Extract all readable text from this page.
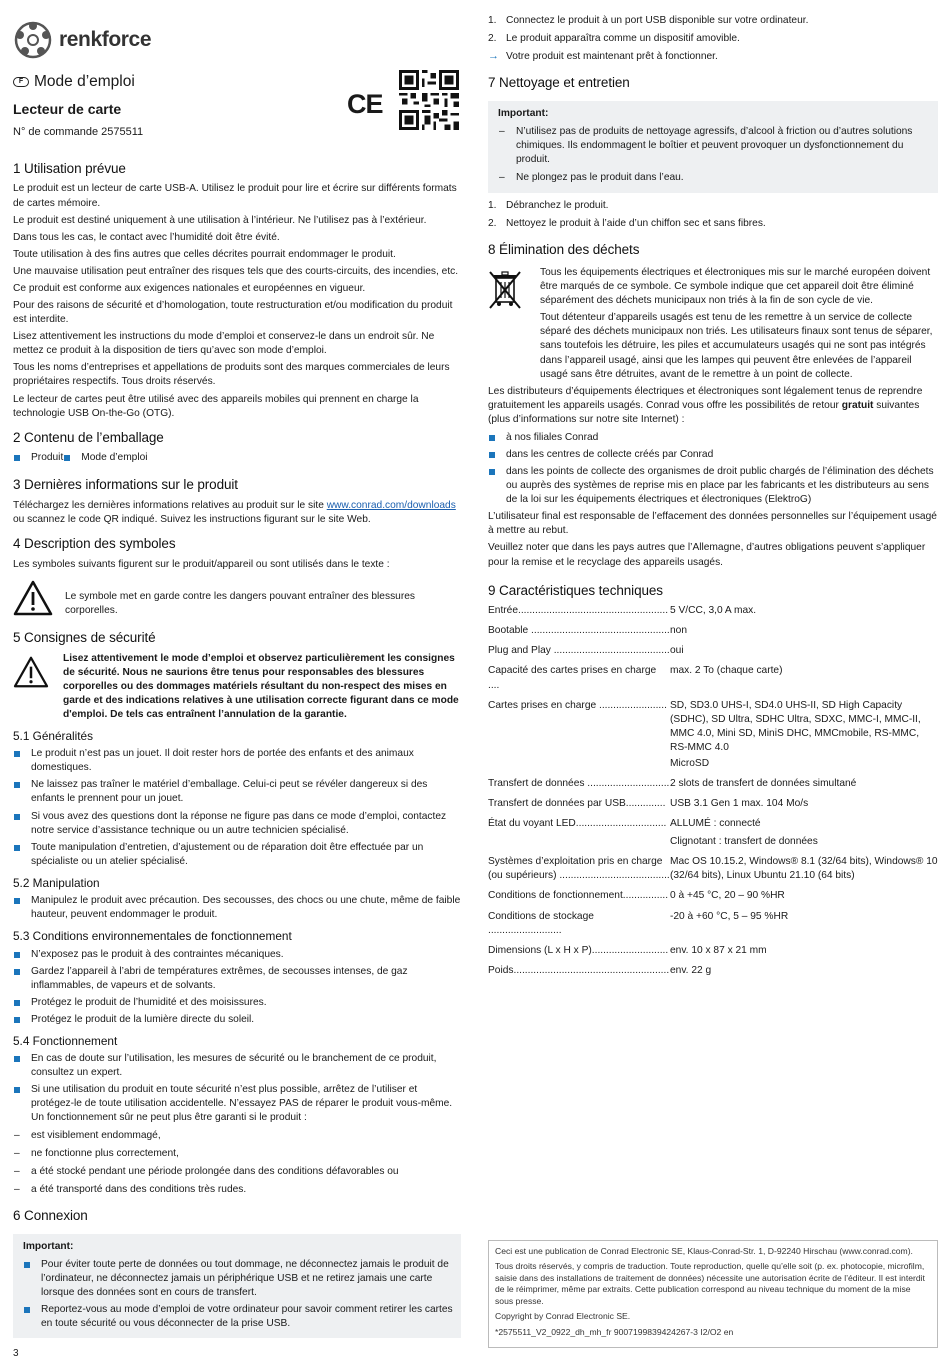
renkforce
F Mode d’emploi
Lecteur de carte
N° de commande 2575511
CE
1 Utilisation prévue

Le produit est un lecteur de carte USB-A. Utilisez le produit pour lire et écrire sur différents formats de cartes mémoire.

Le produit est destiné uniquement à une utilisation à l’intérieur. Ne l’utilisez pas à l’extérieur.

Dans tous les cas, le contact avec l’humidité doit être évité.

Toute utilisation à des fins autres que celles décrites pourrait endommager le produit.

Une mauvaise utilisation peut entraîner des risques tels que des courts-circuits, des incendies, etc.

Ce produit est conforme aux exigences nationales et européennes en vigueur.

Pour des raisons de sécurité et d’homologation, toute restructuration et/ou modification du produit est interdite.

Lisez attentivement les instructions du mode d’emploi et conservez-le dans un endroit sûr. Ne mettez ce produit à la disposition de tiers qu’avec son mode d’emploi.

Tous les noms d’entreprises et appellations de produits sont des marques commerciales de leurs propriétaires respectifs. Tous droits réservés.

Le lecteur de cartes peut être utilisé avec des appareils mobiles qui prennent en charge la technologie USB On-the-Go (OTG).

2 Contenu de l’emballage
Produit	Mode d’emploi
3 Dernières informations sur le produit

Téléchargez les dernières informations relatives au produit sur le site www.conrad.com/downloads ou scannez le code QR indiqué. Suivez les instructions figurant sur le site Web.

4 Description des symboles

Les symboles suivants figurent sur le produit/appareil ou sont utilisés dans le texte :

Le symbole met en garde contre les dangers pouvant entraîner des blessures corporelles.
5 Consignes de sécurité
Lisez attentivement le mode d’emploi et observez particulièrement les consignes de sécurité. Nous ne saurions être tenus pour responsables des blessures corporelles ou des dommages matériels résultant du non-respect des mises en garde et des indications relatives à une utilisation correcte figurant dans ce mode d'emploi. De tels cas entraînent l’annulation de la garantie.
5.1 Généralités
Le produit n’est pas un jouet. Il doit rester hors de portée des enfants et des animaux domestiques.
Ne laissez pas traîner le matériel d’emballage. Celui-ci peut se révéler dangereux si des enfants le prennent pour un jouet.
Si vous avez des questions dont la réponse ne figure pas dans ce mode d’emploi, contactez notre service d’assistance technique ou un autre technicien spécialisé.
Toute manipulation d’entretien, d’ajustement ou de réparation doit être effectuée par un spécialiste ou un atelier spécialisé.
5.2 Manipulation
Manipulez le produit avec précaution. Des secousses, des chocs ou une chute, même de faible hauteur, peuvent endommager le produit.
5.3 Conditions environnementales de fonctionnement
N’exposez pas le produit à des contraintes mécaniques.
Gardez l’appareil à l’abri de températures extrêmes, de secousses intenses, de gaz inflammables, de vapeurs et de solvants.
Protégez le produit de l’humidité et des moisissures.
Protégez le produit de la lumière directe du soleil.
5.4 Fonctionnement
En cas de doute sur l’utilisation, les mesures de sécurité ou le branchement de ce produit, consultez un expert.
Si une utilisation du produit en toute sécurité n’est plus possible, arrêtez de l’utiliser et protégez-le de toute utilisation accidentelle. N’essayez PAS de réparer le produit vous-même. Un fonctionnement sûr ne peut plus être garanti si le produit :
– est visiblement endommagé,
– ne fonctionne plus correctement,
– a été stocké pendant une période prolongée dans des conditions défavorables ou
– a été transporté dans des conditions très rudes.
6 Connexion
Important:
Pour éviter toute perte de données ou tout dommage, ne déconnectez jamais le produit de l’ordinateur, ne déconnectez jamais un périphérique USB et ne retirez jamais une carte lorsque des données sont en cours de transfert.
Reportez-vous au mode d’emploi de votre ordinateur pour savoir comment retirer les cartes en toute sécurité ou vous déconnecter de la prise USB.
1. Connectez le produit à un port USB disponible sur votre ordinateur.
2. Le produit apparaîtra comme un dispositif amovible.
→ Votre produit est maintenant prêt à fonctionner.
7 Nettoyage et entretien
Important:
– N’utilisez pas de produits de nettoyage agressifs, d’alcool à friction ou d’autres solutions chimiques. Ils endommagent le boîtier et peuvent provoquer un dysfonctionnement du produit.
– Ne plongez pas le produit dans l’eau.
1. Débranchez le produit.
2. Nettoyez le produit à l’aide d’un chiffon sec et sans fibres.
8 Élimination des déchets

Tous les équipements électriques et électroniques mis sur le marché européen doivent être marqués de ce symbole. Ce symbole indique que cet appareil doit être éliminé séparément des déchets municipaux non triés à la fin de son cycle de vie.

Tout détenteur d’appareils usagés est tenu de les remettre à un service de collecte séparé des déchets municipaux non triés. Les utilisateurs finaux sont tenus de séparer, sans toutefois les détruire, les piles et accumulateurs usagés qui ne sont pas intégrés dans l’appareil usagé, ainsi que les lampes qui peuvent être enlevées de l’appareil usagé sans être détruites, avant de le remettre à un point de collecte.

Les distributeurs d’équipements électriques et électroniques sont légalement tenus de reprendre gratuitement les appareils usagés. Conrad vous offre les possibilités de retour gratuit suivantes (plus d’informations sur notre site Internet) :

à nos filiales Conrad
dans les centres de collecte créés par Conrad
dans les points de collecte des organismes de droit public chargés de l’élimination des déchets ou auprès des systèmes de reprise mis en place par les fabricants et les distributeurs au sens de la loi sur les équipements électriques et électroniques (ElektroG)

L’utilisateur final est responsable de l’effacement des données personnelles sur l’équipement usagé à mettre au rebut.

Veuillez noter que dans les pays autres que l’Allemagne, d’autres obligations peuvent s’appliquer pour la remise et le recyclage des appareils usagés.

9 Caractéristiques techniques
Entrée.....................................................	5 V/CC, 3,0 A max.
Bootable .................................................	non
Plug and Play .........................................	oui
Capacité des cartes prises en charge ....	max. 2 To (chaque carte)
Cartes prises en charge ........................	SD, SD3.0 UHS-I, SD4.0 UHS-II, SD High Capacity (SDHC), SD Ultra, SDHC Ultra, SDXC, MMC-I, MMC-II, MMC 4.0, Mini SD, MiniS DHC, MMCmobile, RS-MMC, RS-MMC 4.0
MicroSD

Transfert de données .............................	2 slots de transfert de données simultané
Transfert de données par USB..............	USB 3.1 Gen 1 max. 104 Mo/s
État du voyant LED................................	ALLUMÉ : connecté
Clignotant : transfert de données

Systèmes d’exploitation pris en charge (ou supérieurs) .......................................	Mac OS 10.15.2, Windows® 8.1 (32/64 bits), Windows® 10 (32/64 bits), Linux Ubuntu 21.10 (64 bits)
Conditions de fonctionnement................	0 à +45 °C, 20 – 90 %HR
Conditions de stockage ..........................	-20 à +60 °C, 5 – 95 %HR
Dimensions (L x H x P)...........................	env. 10 x 87 x 21 mm
Poids.......................................................	env. 22 g

Ceci est une publication de Conrad Electronic SE, Klaus-Conrad-Str. 1, D-92240 Hirschau (www.conrad.com).

Tous droits réservés, y compris de traduction. Toute reproduction, quelle qu’elle soit (p. ex. photocopie, microfilm, saisie dans des installations de traitement de données) nécessite une autorisation écrite de l’éditeur. Il est interdit de le réimprimer, même par extraits. Cette publication correspond au niveau technique du moment de la mise sous presse.

Copyright by Conrad Electronic SE.

*2575511_V2_0922_dh_mh_fr 9007199839424267-3 I2/O2 en

3
